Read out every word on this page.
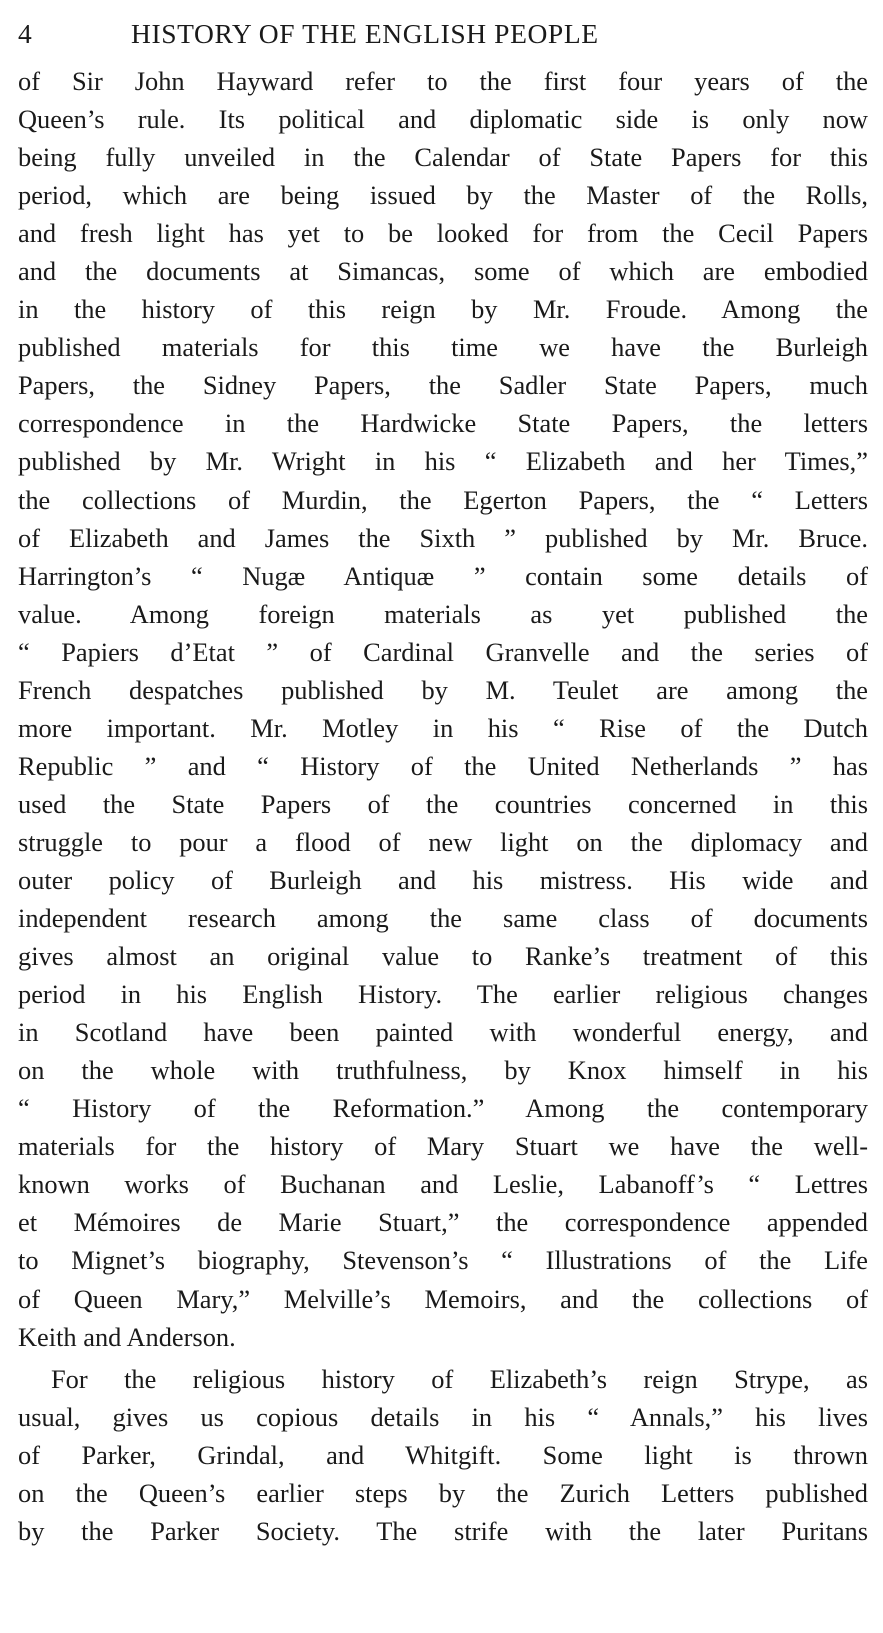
4	HISTORY OF THE ENGLISH PEOPLE
of Sir John Hayward refer to the first four years of the
Queen’s rule. Its political and diplomatic side is only now
being fully unveiled in the Calendar of State Papers for this
period, which are being issued by the Master of the Rolls,
and fresh light has yet to be looked for from the Cecil Papers
and the documents at Simancas, some of which are embodied
in the history of this reign by Mr. Froude. Among the
published materials for this time we have the Burleigh
Papers, the Sidney Papers, the Sadler State Papers, much
correspondence in the Hardwicke State Papers, the letters
published by Mr. Wright in his “ Elizabeth and her Times,”
the collections of Murdin, the Egerton Papers, the “ Letters
of Elizabeth and James the Sixth ” published by Mr. Bruce.
Harrington’s “ Nugæ Antiquæ ” contain some details of
value. Among foreign materials as yet published the
“ Papiers d’Etat ” of Cardinal Granvelle and the series of
French despatches published by M. Teulet are among the
more important. Mr. Motley in his “ Rise of the Dutch
Republic ” and “ History of the United Netherlands ” has
used the State Papers of the countries concerned in this
struggle to pour a flood of new light on the diplomacy and
outer policy of Burleigh and his mistress. His wide and
independent research among the same class of documents
gives almost an original value to Ranke’s treatment of this
period in his English History. The earlier religious changes
in Scotland have been painted with wonderful energy, and
on the whole with truthfulness, by Knox himself in his
“ History of the Reformation.” Among the contemporary
materials for the history of Mary Stuart we have the well-
known works of Buchanan and Leslie, Labanoff’s “ Lettres
et Mémoires de Marie Stuart,” the correspondence appended
to Mignet’s biography, Stevenson’s “ Illustrations of the Life
of Queen Mary,” Melville’s Memoirs, and the collections of
Keith and Anderson.
For the religious history of Elizabeth’s reign Strype, as
usual, gives us copious details in his “ Annals,” his lives
of Parker, Grindal, and Whitgift. Some light is thrown
on the Queen’s earlier steps by the Zurich Letters published
by the Parker Society. The strife with the later Puritans
